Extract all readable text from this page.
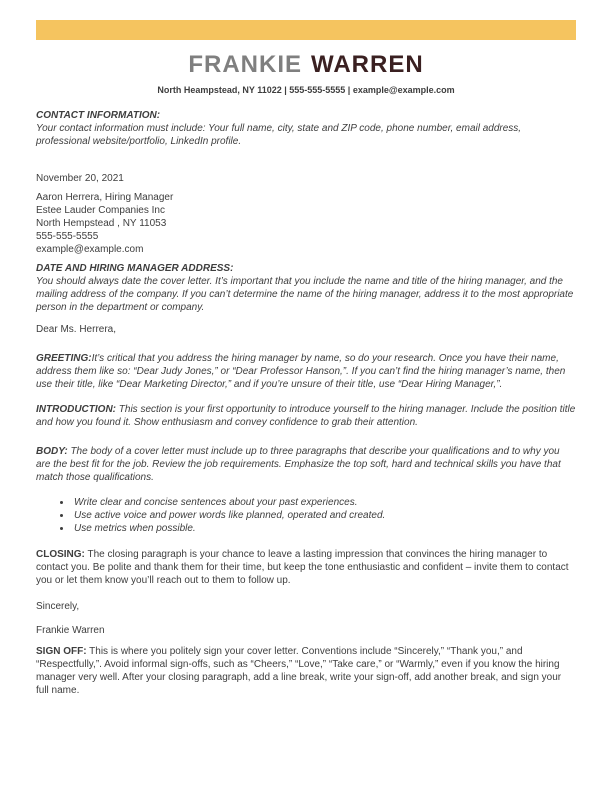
FRANKIE WARREN
North Heampstead, NY 11022 | 555-555-5555 | example@example.com
CONTACT INFORMATION:
Your contact information must include: Your full name, city, state and ZIP code, phone number, email address, professional website/portfolio, LinkedIn profile.

November 20, 2021

Aaron Herrera, Hiring Manager
Estee Lauder Companies Inc
North Hempstead , NY 11053
555-555-5555
example@example.com
DATE AND HIRING MANAGER ADDRESS:
You should always date the cover letter. It’s important that you include the name and title of the hiring manager, and the mailing address of the company. If you can’t determine the name of the hiring manager, address it to the most appropriate person in the department or company.

Dear Ms. Herrera,

GREETING:It’s critical that you address the hiring manager by name, so do your research. Once you have their name, address them like so: “Dear Judy Jones,” or “Dear Professor Hanson,”. If you can’t find the hiring manager’s name, then use their title, like “Dear Marketing Director,” and if you’re unsure of their title, use “Dear Hiring Manager,”.

INTRODUCTION: This section is your first opportunity to introduce yourself to the hiring manager. Include the position title and how you found it. Show enthusiasm and convey confidence to grab their attention.

BODY: The body of a cover letter must include up to three paragraphs that describe your qualifications and to why you are the best fit for the job. Review the job requirements. Emphasize the top soft, hard and technical skills you have that match those qualifications.

• Write clear and concise sentences about your past experiences.
• Use active voice and power words like planned, operated and created.
• Use metrics when possible.

CLOSING: The closing paragraph is your chance to leave a lasting impression that convinces the hiring manager to contact you. Be polite and thank them for their time, but keep the tone enthusiastic and confident – invite them to contact you or let them know you’ll reach out to them to follow up.

Sincerely,

Frankie Warren

SIGN OFF: This is where you politely sign your cover letter. Conventions include “Sincerely,” “Thank you,” and “Respectfully,”. Avoid informal sign-offs, such as “Cheers,” “Love,” “Take care,” or “Warmly,” even if you know the hiring manager very well. After your closing paragraph, add a line break, write your sign-off, add another break, and sign your full name.
